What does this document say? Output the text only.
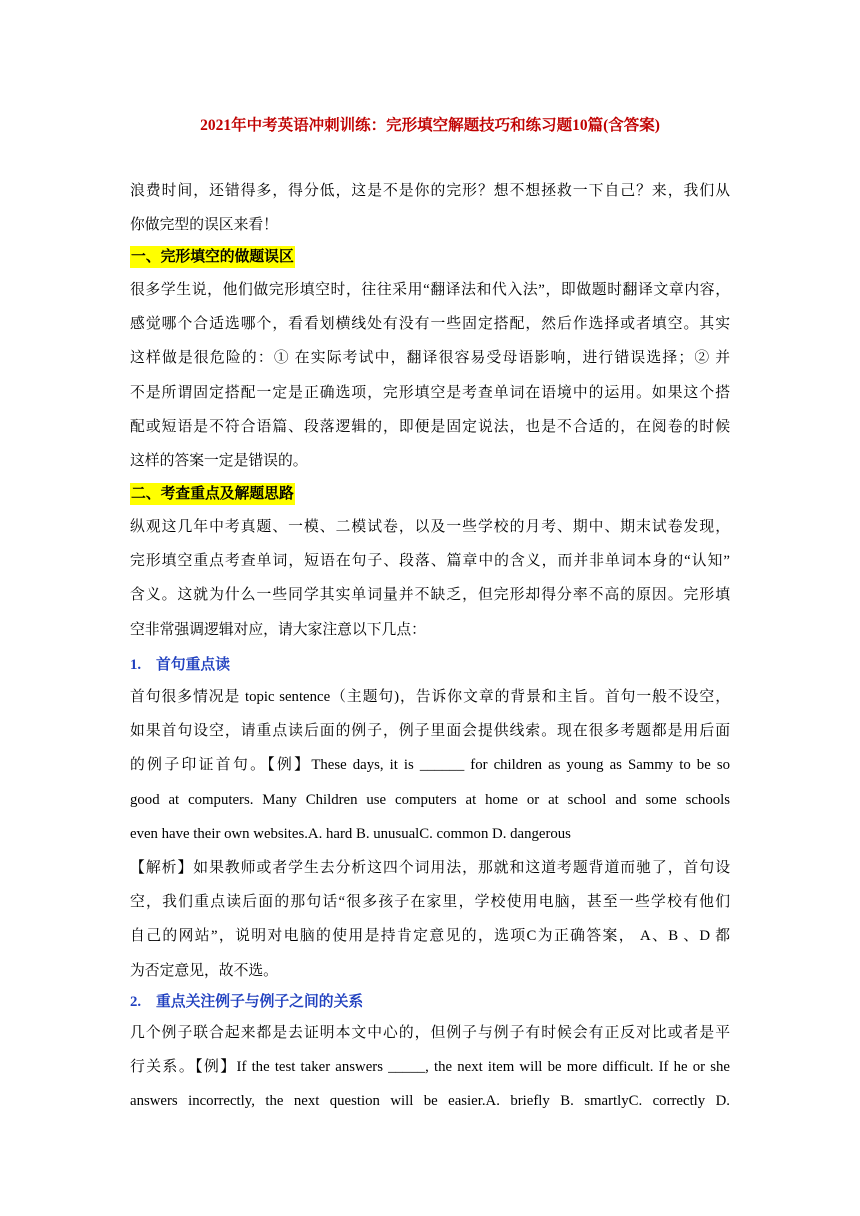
2021年中考英语冲刺训练：完形填空解题技巧和练习题10篇(含答案)
浪费时间，还错得多，得分低，这是不是你的完形？想不想拯救一下自己？来，我们从
你做完型的误区来看！
一、完形填空的做题误区
很多学生说，他们做完形填空时，往往采用“翻译法和代入法”，即做题时翻译文章内容，
感觉哪个合适选哪个，看看划横线处有没有一些固定搭配，然后作选择或者填空。其实
这样做是很危险的：① 在实际考试中，翻译很容易受母语影响，进行错误选择；② 并
不是所谓固定搭配一定是正确选项，完形填空是考查单词在语境中的运用。如果这个搭
配或短语是不符合语篇、段落逻辑的，即便是固定说法，也是不合适的，在阅卷的时候
这样的答案一定是错误的。
二、考查重点及解题思路
纵观这几年中考真题、一模、二模试卷，以及一些学校的月考、期中、期末试卷发现，
完形填空重点考查单词，短语在句子、段落、篇章中的含义，而并非单词本身的“认知”
含义。这就为什么一些同学其实单词量并不缺乏，但完形却得分率不高的原因。完形填
空非常强调逻辑对应，请大家注意以下几点：
1. 首句重点读
首句很多情况是 topic sentence（主题句)，告诉你文章的背景和主旨。首句一般不设空，
如果首句设空，请重点读后面的例子，例子里面会提供线索。现在很多考题都是用后面
的例子印证首句。【例】These days, it is ______ for children as young as Sammy to be so
good at computers. Many Children use computers at home or at school and some schools
even have their own websites.A. hard B. unusualC. common D. dangerous
【解析】如果教师或者学生去分析这四个词用法，那就和这道考题背道而驰了，首句设
空，我们重点读后面的那句话“很多孩子在家里，学校使用电脑，甚至一些学校有他们
自己的网站”，说明对电脑的使用是持肯定意见的，选项C为正确答案， A、B 、D 都
为否定意见，故不选。
2. 重点关注例子与例子之间的关系
几个例子联合起来都是去证明本文中心的，但例子与例子有时候会有正反对比或者是平
行关系。【例】If the test taker answers _____, the next item will be more difficult. If he or she
answers incorrectly, the next question will be easier.A. briefly B. smartlyC. correctly D.
